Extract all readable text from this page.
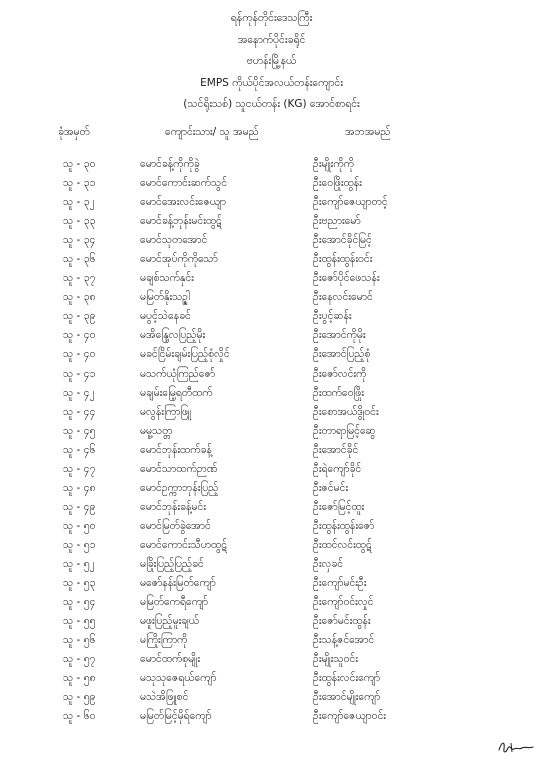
ရန်ကုန်တိုင်းဒေသကြီး
အနောက်ပိုင်းခရိုင်
ဗဟန်းမြို့နယ်
EMPS ကိုယ်ပိုင်အလယ်တန်းကျောင်း
(သင်ရိုးသစ်) သူငယ်တန်း (KG) အောင်စာရင်း
ခုံအမှတ်	ကျောင်းသား/ သူ အမည်	အဘအမည်
သူ - ၃၀	မောင်ခန့်ကိုကိုခွဲ	ဦးမျိုးကိုကို
သူ - ၃၁	မောင်ကောင်းဆက်သွင်	ဦးဝေဖြိုးထွန်း
သူ - ၃၂	မောင်အေးလင်းဇေယျာ	ဦးကျော်ဇေယျာတင့်
သူ - ၃၃	မောင်ခန့်ဘုန်းမင်းထွဋ်	ဦးဗညားမော်
သူ - ၃၄	မောင်သုတအောင်	ဦးအောင်ခိုင်မြင့်
သူ - ၃၆	မောင်အုပ်ကိုကိုသော်	ဦးထွန်းထွန်းဝင်း
သူ - ၃၇	မချစ်သက်နှင်း	ဦးဇော်ပိုင်ဖေသန်း
သူ - ၃၈	မမြတ်နိုးသဉ္ဇါ	ဦးနေလင်းမောင်
သူ - ၃၉	မပွင့်သဲနေခင်	ဦးပွင့်ဆန်း
သူ - ၄၀	မအိန္ဒြေလပြည့်မိုး	ဦးအောင်ကိုမိုး
သူ - ၄၀	မခင်ငြိမ်းချမ်းပြည့်စုံလှိုင်	ဦးအောင်ပြည့်စုံ
သူ - ၄၁	မသက်ယုံကြည်ဇော်	ဦးဇော်လင်းကို
သူ - ၄၂	မချမ်းမြေ့ရတီထက်	ဦးထက်ဝေဖြိုး
သူ - ၄၄	မလွန်းကြာဖြူ	ဦးစောအယ်ဒွိုဝင်း
သူ - ၄၅	မမူ့သတ္တ	ဦးတာရာမြင့်ဆွေ
သူ - ၄၆	မောင်ဘုန်းထက်ခန့်	ဦးအောင်ခိုင်
သူ - ၄၇	မောင်သာထက်ဉာဏ်	ဦးရဲကျော်ခိုင်
သူ - ၄၈	မောင်ဥက္ကာဘုန်းပြည့်	ဦးဇင်မင်း
သူ - ၄၉	မောင်ဘုန်းခန့်မင်း	ဦးဇော်မြင့်ထူး
သူ - ၅၀	မောင်မြတ်ခွဲအောင်	ဦးထွန်းထွန်းဇော်
သူ - ၅၁	မောင်ကောင်းသီဟထွဋ်	ဦးထင်လင်းထွဋ်
သူ - ၅၂	မခြိုးပြည့်ပြည့်ခင်	ဦးလှခင်
သူ - ၅၃	မဇော်နန်းမြတ်ကျော်	ဦးကျော်မင်းဦး
သူ - ၅၄	မမြတ်ကေရီကျော်	ဦးကျော်ဝင်းလှုင်
သူ - ၅၅	မဖူးပြည့်မူးချယ်	ဦးဇော်မင်းထွန်း
သူ - ၅၆	မကြိုးကြာကို	ဦးသန့်ဇင်အောင်
သူ - ၅၇	မောင်ထက်စုမျိုး	ဦးမျိုးသူဝင်း
သူ - ၅၈	မသုသုဇေရယ်ကျော်	ဦးထွန်းလင်းကျော်
သူ - ၅၉	မသဲအိဖြူစင်	ဦးအောင်မျိုးကျော်
သူ - ၆၀	မမြတ်မြင့်မိုရ်ကျော်	ဦးကျော်ဇေယျာဝင်း
